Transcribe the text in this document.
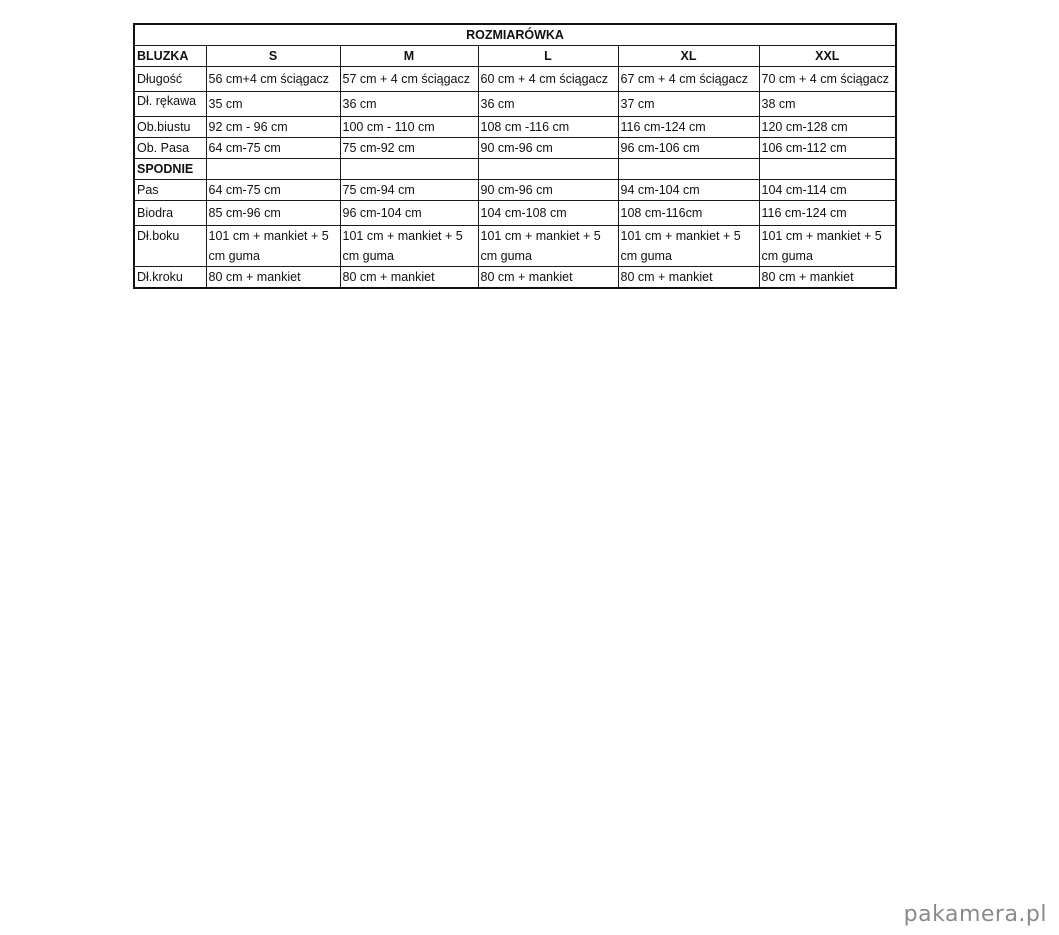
ROZMIARÓWKA					
BLUZKA	S	M	L	XL	XXL
Długość	56 cm+4 cm ściągacz	57 cm + 4 cm ściągacz	60 cm + 4 cm ściągacz	67 cm + 4 cm ściągacz	70 cm + 4 cm ściągacz

Dł. rękawa	35 cm	36 cm	36 cm	37 cm	38 cm
Ob.biustu	92 cm - 96 cm	100 cm - 110 cm	108 cm -116 cm	116 cm-124 cm	120 cm-128 cm
Ob. Pasa	64 cm-75 cm	75 cm-92 cm	90 cm-96 cm	96 cm-106 cm	106 cm-112 cm
SPODNIE					
Pas	64 cm-75 cm	75 cm-94 cm	90 cm-96 cm	94 cm-104 cm	104 cm-114 cm
Biodra	85 cm-96 cm	96 cm-104 cm	104 cm-108 cm	108 cm-116cm	116 cm-124 cm
Dł.boku	101 cm + mankiet + 5 cm guma	101 cm + mankiet + 5 cm guma	101 cm + mankiet + 5 cm guma	101 cm + mankiet + 5 cm guma	101 cm + mankiet + 5 cm guma
Dł.kroku	80 cm + mankiet	80 cm + mankiet	80 cm + mankiet	80 cm + mankiet	80 cm + mankiet
pakamera.pl
